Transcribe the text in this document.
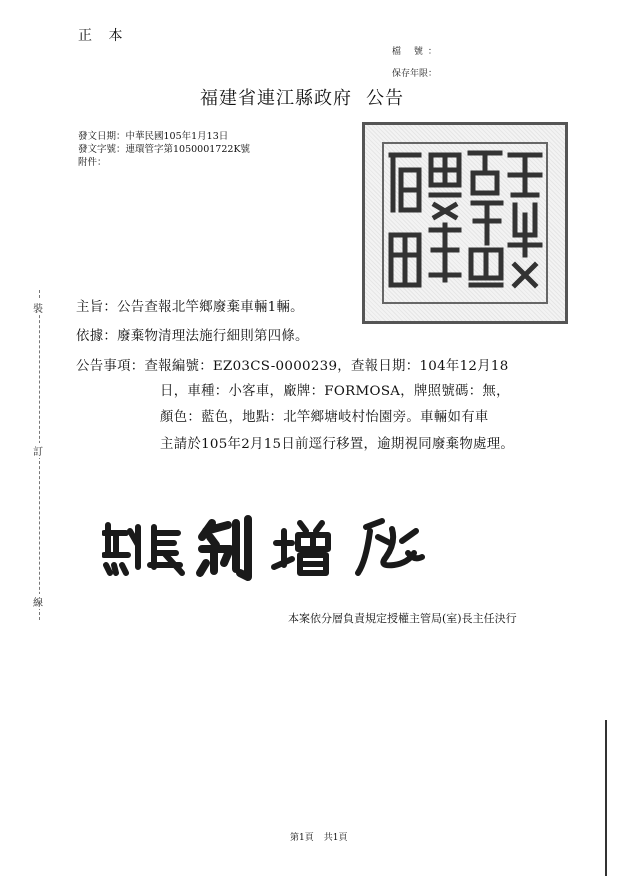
正 本
檔 號：
保存年限：
福建省連江縣政府 公告
發文日期：中華民國105年1月13日
發文字號：連環管字第1050001722K號
附件：
裝
訂
線
主旨：公告查報北竿鄉廢棄車輛1輛。
依據：廢棄物清理法施行細則第四條。
公告事項：查報編號：EZ03CS-0000239，查報日期：104年12月18
日，車種：小客車，廠牌：FORMOSA，牌照號碼：無，
顏色：藍色，地點：北竿鄉塘岐村怡園旁。車輛如有車
主請於105年2月15日前逕行移置，逾期視同廢棄物處理。
本案依分層負責規定授權主管局(室)長主任決行
第1頁 共1頁
